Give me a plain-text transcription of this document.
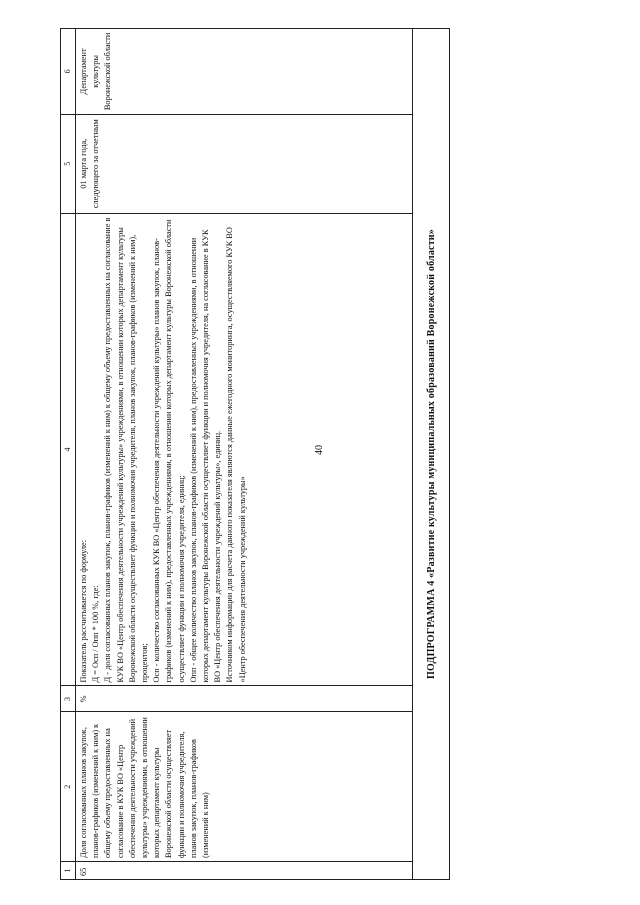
40
1
2
3
4
5
6
65
Доля согласованных планов закупок, планов-графиков (изменений к ним) к общему объему предоставленных на согласование в КУК ВО «Центр обеспечения деятельности учреждений культуры» учреждениями, в отношении которых департамент культуры Воронежской области осуществляет функции и полномочия учредителя, планов закупок, планов-графиков (изменений к ним)
%

Показатель рассчитывается по формуле: Д = Осп / Опп * 100 %, где: Д - доля согласованных планов закупок, планов-графиков (изменений к ним) к общему объему предоставленных на согласование в КУК ВО «Центр обеспечения деятельности учреждений культуры» учреждениями, в отношении которых департамент культуры Воронежской области осуществляет функции и полномочия учредителя, планов закупок, планов-графиков (изменений к ним), процентов; Осп - количество согласованных КУК ВО «Центр обеспечения деятельности учреждений культуры» планов закупок, планов-графиков (изменений к ним), предоставленных учреждениями, в отношении которых департамент культуры Воронежской области осуществляет функции и полномочия учредителя, единиц; Опп - общее количество планов закупок, планов-графиков (изменений к ним), предоставленных учреждениями, в отношении которых департамент культуры Воронежской области осуществляет функции и полномочия учредителя, на согласование в КУК ВО «Центр обеспечения деятельности учреждений культуры», единиц. Источником информации для расчета данного показателя являются данные ежегодного мониторинга, осуществляемого КУК ВО «Центр обеспечения деятельности учреждений культуры»

01 марта года, следующего за отчетным
Департамент культуры Воронежской области
ПОДПРОГРАММА 4 «Развитие культуры муниципальных образований Воронежской области»
